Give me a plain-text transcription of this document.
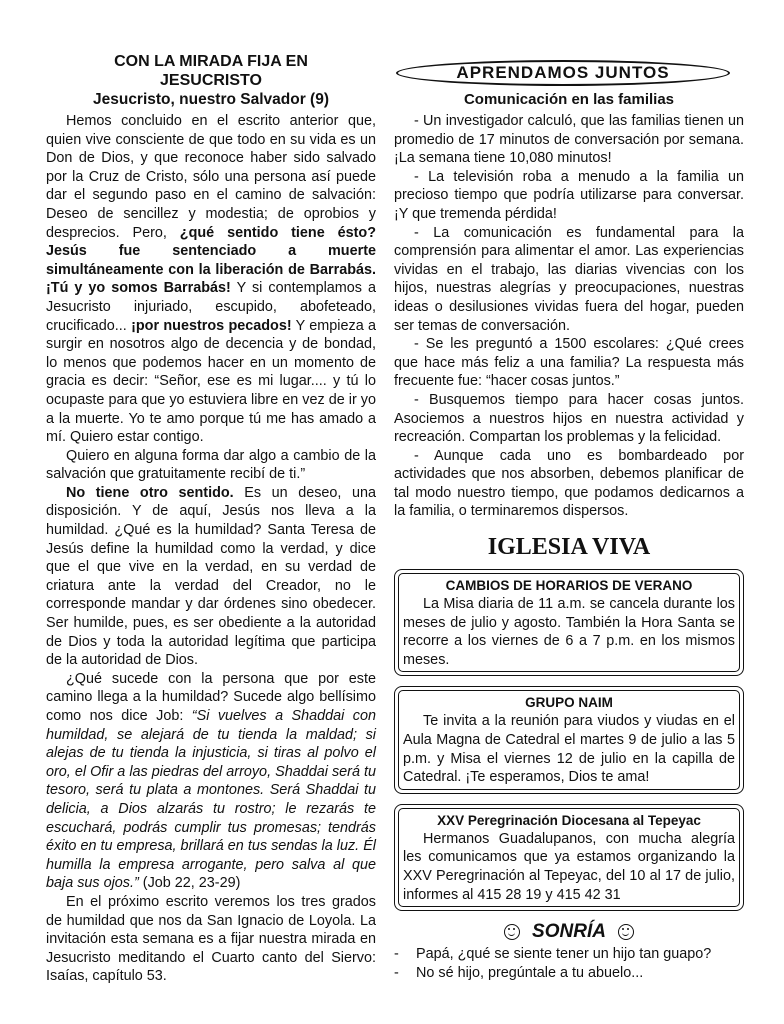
CON LA MIRADA FIJA EN

JESUCRISTO

Jesucristo, nuestro Salvador (9)

Hemos concluido en el escrito anterior que, quien vive consciente de que todo en su vida es un Don de Dios, y que reconoce haber sido salvado por la Cruz de Cristo, sólo una persona así puede dar el segundo paso en el camino de salvación: Deseo de sencillez y modestia; de oprobios y desprecios. Pero, ¿qué sentido tiene ésto? Jesús fue sentenciado a muerte simultáneamente con la liberación de Barrabás. ¡Tú y yo somos Barrabás! Y si contemplamos a Jesucristo injuriado, escupido, abofeteado, crucificado... ¡por nuestros pecados! Y empieza a surgir en nosotros algo de decencia y de bondad, lo menos que podemos hacer en un momento de gracia es decir: “Señor, ese es mi lugar.... y tú lo ocupaste para que yo estuviera libre en vez de ir yo a la muerte. Yo te amo porque tú me has amado a mí. Quiero estar contigo.

Quiero en alguna forma dar algo a cambio de la salvación que gratuitamente recibí de ti.”

No tiene otro sentido. Es un deseo, una disposición. Y de aquí, Jesús nos lleva a la humildad. ¿Qué es la humildad? Santa Teresa de Jesús define la humildad como la verdad, y dice que el que vive en la verdad, en su verdad de criatura ante la verdad del Creador, no le corresponde mandar y dar órdenes sino obedecer. Ser humilde, pues, es ser obediente a la autoridad de Dios y toda la autoridad legítima que participa de la autoridad de Dios.

¿Qué sucede con la persona que por este camino llega a la humildad? Sucede algo bellísimo como nos dice Job: “Si vuelves a Shaddai con humildad, se alejará de tu tienda la maldad; si alejas de tu tienda la injusticia, si tiras al polvo el oro, el Ofir a las piedras del arroyo, Shaddai será tu tesoro, será tu plata a montones. Será Shaddai tu delicia, a Dios alzarás tu rostro; le rezarás te escuchará, podrás cumplir tus promesas; tendrás éxito en tu empresa, brillará en tus sendas la luz. Él humilla la empresa arrogante, pero salva al que baja sus ojos.” (Job 22, 23-29)

En el próximo escrito veremos los tres grados de humildad que nos da San Ignacio de Loyola. La invitación esta semana es a fijar nuestra mirada en Jesucristo meditando el Cuarto canto del Siervo: Isaías, capítulo 53.

APRENDAMOS JUNTOS

Comunicación en las familias

- Un investigador calculó, que las familias tienen un promedio de 17 minutos de conversación por semana. ¡La semana tiene 10,080 minutos!

- La televisión roba a menudo a la familia un precioso tiempo que podría utilizarse para conversar. ¡Y que tremenda pérdida!

- La comunicación es fundamental para la comprensión para alimentar el amor. Las experiencias vividas en el trabajo, las diarias vivencias con los hijos, nuestras alegrías y preocupaciones, nuestras ideas o desilusiones vividas fuera del hogar, pueden ser temas de conversación.

- Se les preguntó a 1500 escolares: ¿Qué crees que hace más feliz a una familia? La respuesta más frecuente fue: “hacer cosas juntos.”

- Busquemos tiempo para hacer cosas juntos. Asociemos a nuestros hijos en nuestra actividad y recreación. Compartan los problemas y la felicidad.

- Aunque cada uno es bombardeado por actividades que nos absorben, debemos planificar de tal modo nuestro tiempo, que podamos dedicarnos a la familia, o terminaremos dispersos.

IGLESIA VIVA

CAMBIOS DE HORARIOS DE VERANO

La Misa diaria de 11 a.m. se cancela durante los meses de julio y agosto. También la Hora Santa se recorre a los viernes de 6 a 7 p.m. en los mismos meses.

GRUPO NAIM

Te invita a la reunión para viudos y viudas en el Aula Magna de Catedral el martes 9 de julio a las 5 p.m. y Misa el viernes 12 de julio en la capilla de Catedral. ¡Te esperamos, Dios te ama!

XXV Peregrinación Diocesana al Tepeyac

Hermanos Guadalupanos, con mucha alegría les comunicamos que ya estamos organizando la XXV Peregrinación al Tepeyac, del 10 al 17 de julio, informes al 415 28 19 y 415 42 31

SONRÍA

- Papá, ¿qué se siente tener un hijo tan guapo?

- No sé hijo, pregúntale a tu abuelo...
